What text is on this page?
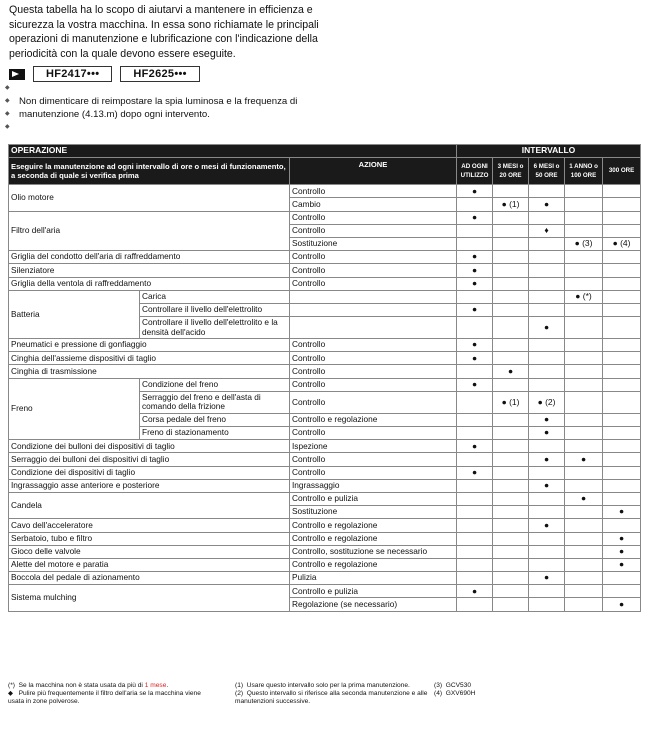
Questa tabella ha lo scopo di aiutarvi a mantenere in efficienza e sicurezza la vostra macchina. In essa sono richiamate le principali operazioni di manutenzione e lubrificazione con l'indicazione della periodicità con la quale devono essere eseguite.
HF2417•••	HF2625•••
◆
◆
◆
◆
Non dimenticare di reimpostare la spia luminosa e la frequenza di manutenzione (4.13.m) dopo ogni intervento.
OPERAZIONE			INTERVALLO				
Eseguire la manutenzione ad ogni intervallo di ore o mesi di funzionamento, a seconda di quale si verifica prima		AZIONE	AD OGNI UTILIZZO	3 MESI o 20 ORE	6 MESI o 50 ORE	1 ANNO o 100 ORE	300 ORE
Olio motore		Controllo	●				
		Cambio		● (1)	●		
Filtro dell'aria		Controllo	●				
		Controllo			♦		
		Sostituzione				● (3)	● (4)
Griglia del condotto dell'aria di raffreddamento		Controllo	●				
Silenziatore		Controllo	●				
Griglia della ventola di raffreddamento		Controllo	●				
Batteria	Carica					● (*)	
	Controllare il livello dell'elettrolito		●				
	Controllare il livello dell'elettrolito e la densità dell'acido				●		
Pneumatici e pressione di gonfiaggio		Controllo	●				
Cinghia dell'assieme dispositivi di taglio		Controllo	●				
Cinghia di trasmissione		Controllo		●			
Freno	Condizione del freno	Controllo	●				
	Serraggio del freno e dell'asta di comando della frizione	Controllo		● (1)	● (2)		
	Corsa pedale del freno	Controllo e regolazione			●		
	Freno di stazionamento	Controllo			●		
Condizione dei bulloni dei dispositivi di taglio		Ispezione	●				
Serraggio dei bulloni dei dispositivi di taglio		Controllo			●	●	
Condizione dei dispositivi di taglio		Controllo	●				
Ingrassaggio asse anteriore e posteriore		Ingrassaggio			●		
Candela		Controllo e pulizia				●	
		Sostituzione					●
Cavo dell'acceleratore		Controllo e regolazione			●		
Serbatoio, tubo e filtro		Controllo e regolazione					●
Gioco delle valvole		Controllo, sostituzione se necessario					●
Alette del motore e paratia		Controllo e regolazione					●
Boccola del pedale di azionamento		Pulizia			●		
Sistema mulching		Controllo e pulizia	●				
		Regolazione (se necessario)					●
(*)  Se la macchina non è stata usata da più di 1 mese.
◆   Pulire più frequentemente il filtro dell'aria se la macchina viene usata in zone polverose.
(1)  Usare questo intervallo solo per la prima manutenzione.
(2)  Questo intervallo si riferisce alla seconda manutenzione e alle manutenzioni successive.
(3)  GCV530
(4)  GXV690H
